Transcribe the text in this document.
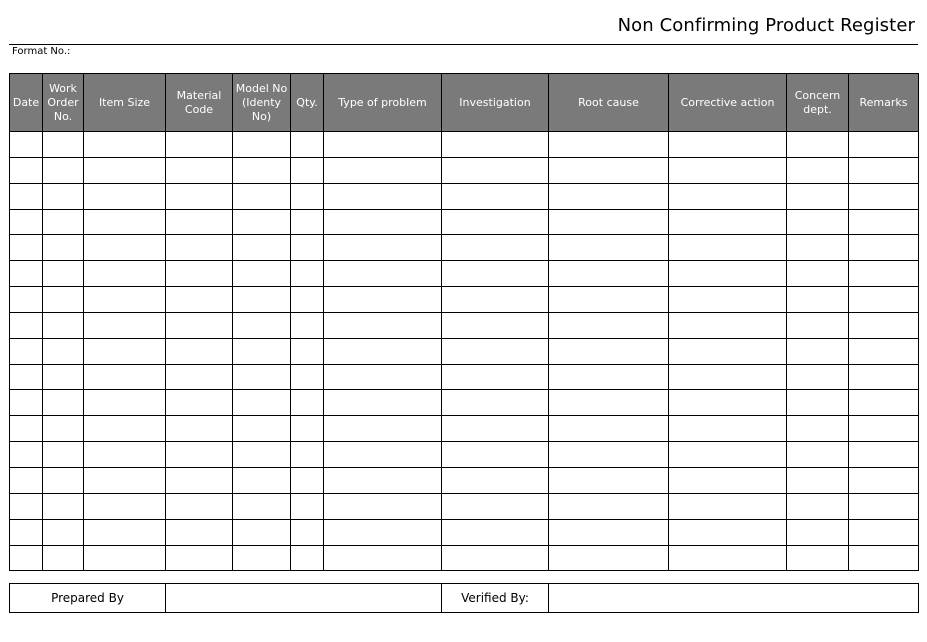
Non Confirming Product Register
Format No.:
Date	Work Order No.	Item Size	Material Code	Model No (Identy No)	Qty.	Type of problem	Investigation	Root cause	Corrective action	Concern dept.	Remarks

Prepared By		Verified By:	
